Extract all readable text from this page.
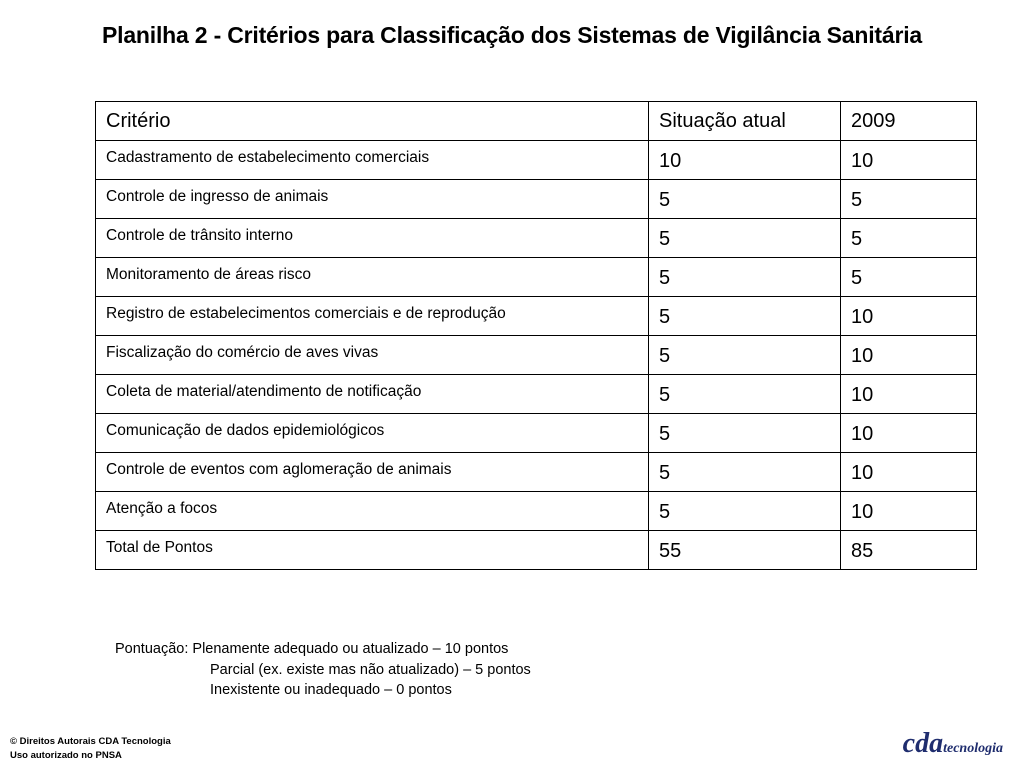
Planilha 2 - Critérios para Classificação dos Sistemas de Vigilância Sanitária
Critério	Situação atual	2009
Cadastramento de estabelecimento comerciais	10	10
Controle de ingresso de animais	5	5
Controle de trânsito interno	5	5
Monitoramento de áreas risco	5	5
Registro de estabelecimentos comerciais e de reprodução	5	10
Fiscalização do comércio de aves vivas	5	10
Coleta de material/atendimento de notificação	5	10
Comunicação de dados epidemiológicos	5	10
Controle de eventos com aglomeração de animais	5	10
Atenção a focos	5	10
Total de Pontos	55	85
Pontuação: Plenamente adequado ou atualizado – 10 pontos
Parcial (ex. existe mas não atualizado) – 5 pontos
Inexistente ou inadequado – 0 pontos
© Direitos Autorais CDA Tecnologia
Uso autorizado no PNSA	cdatecnologia
